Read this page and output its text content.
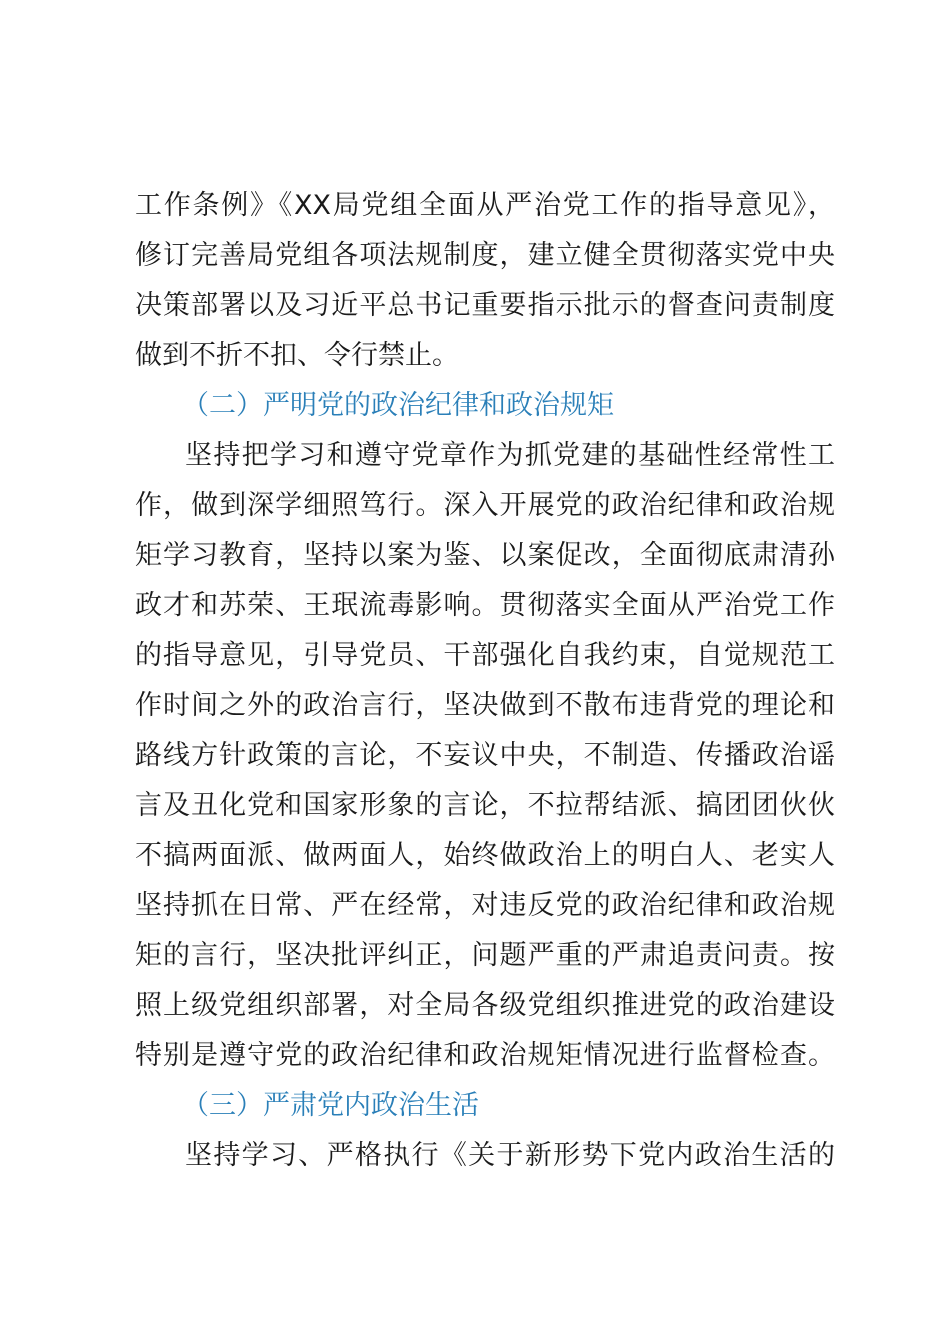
工作条例》《XX局党组全面从严治党工作的指导意见》，
修订完善局党组各项法规制度，建立健全贯彻落实党中央
决策部署以及习近平总书记重要指示批示的督查问责制度
做到不折不扣、令行禁止。
（二）严明党的政治纪律和政治规矩
坚持把学习和遵守党章作为抓党建的基础性经常性工
作，做到深学细照笃行。深入开展党的政治纪律和政治规
矩学习教育，坚持以案为鉴、以案促改，全面彻底肃清孙
政才和苏荣、王珉流毒影响。贯彻落实全面从严治党工作
的指导意见，引导党员、干部强化自我约束，自觉规范工
作时间之外的政治言行，坚决做到不散布违背党的理论和
路线方针政策的言论，不妄议中央，不制造、传播政治谣
言及丑化党和国家形象的言论，不拉帮结派、搞团团伙伙
不搞两面派、做两面人，始终做政治上的明白人、老实人
坚持抓在日常、严在经常，对违反党的政治纪律和政治规
矩的言行，坚决批评纠正，问题严重的严肃追责问责。按
照上级党组织部署，对全局各级党组织推进党的政治建设
特别是遵守党的政治纪律和政治规矩情况进行监督检查。
（三）严肃党内政治生活
坚持学习、严格执行《关于新形势下党内政治生活的
